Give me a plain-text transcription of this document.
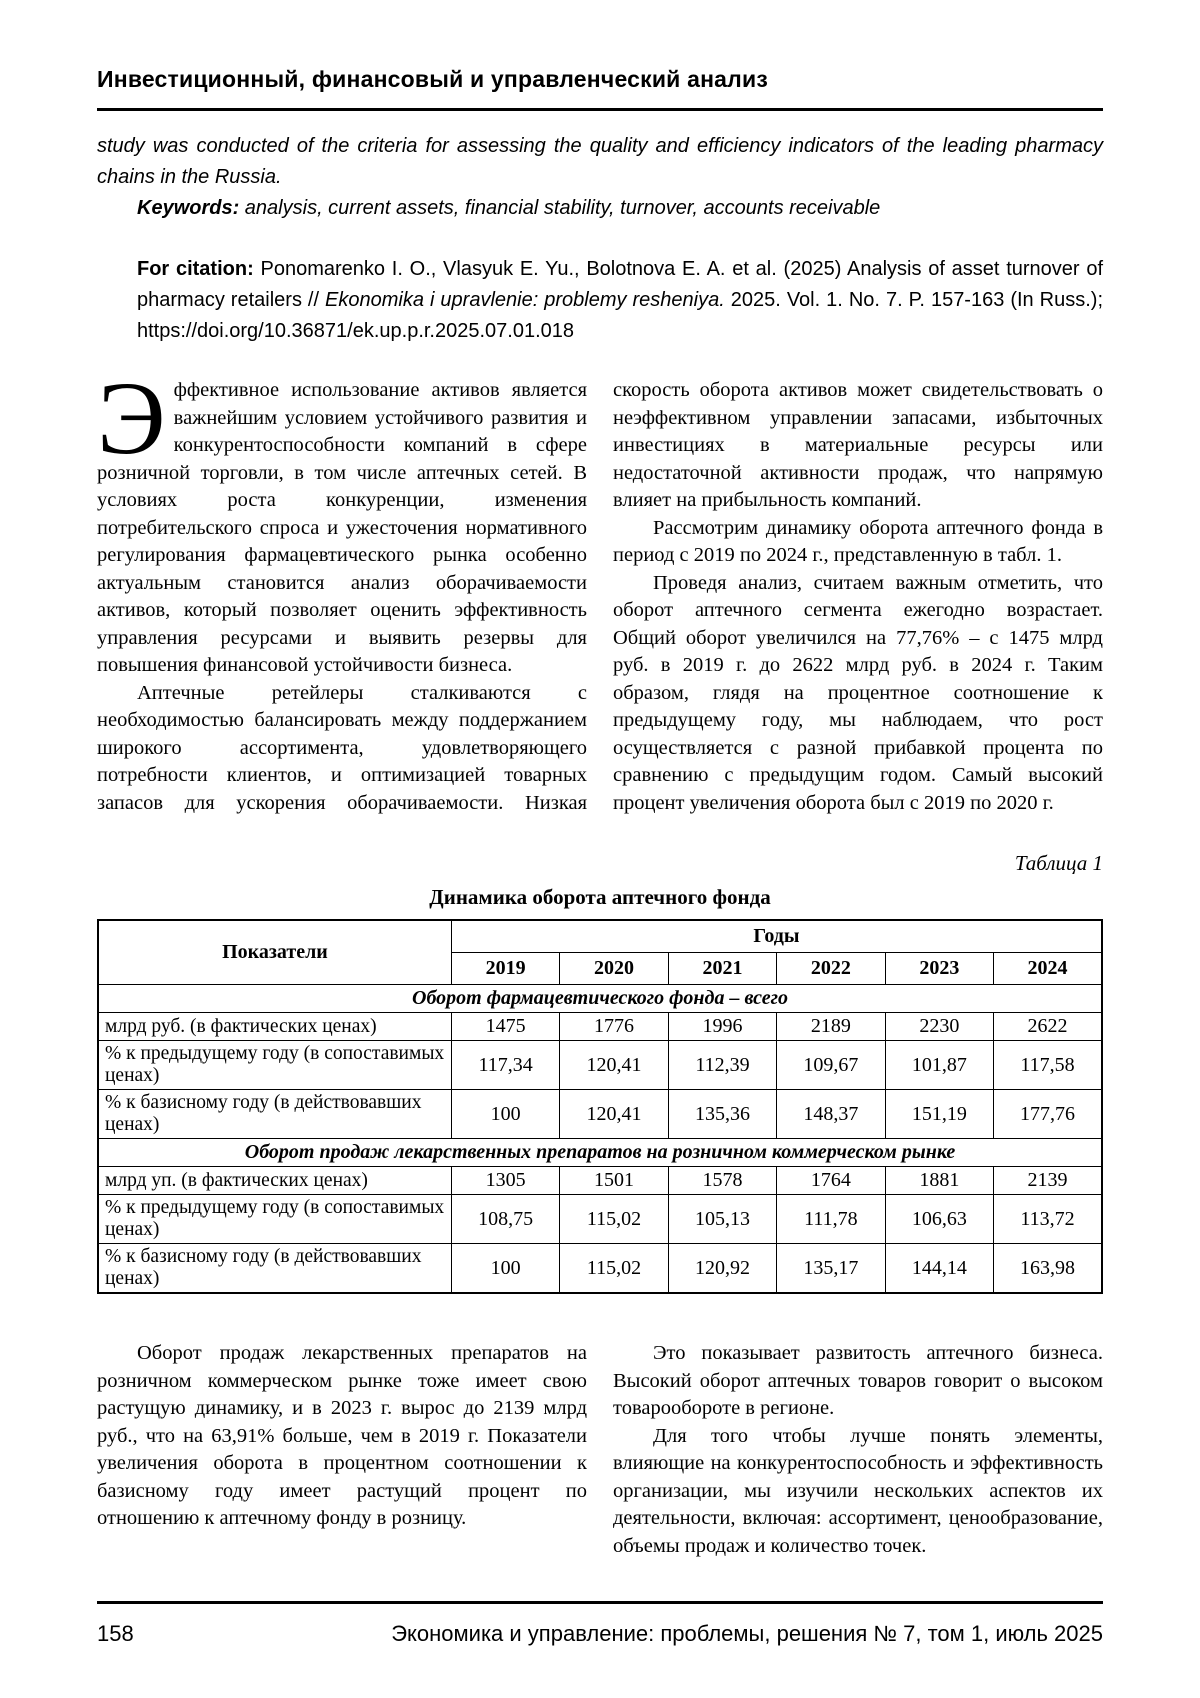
Инвестиционный, финансовый и управленческий анализ

study was conducted of the criteria for assessing the quality and efficiency indicators of the leading pharmacy chains in the Russia.

Keywords: analysis, current assets, financial stability, turnover, accounts receivable

For citation: Ponomarenko I. O., Vlasyuk E. Yu., Bolotnova E. A. et al. (2025) Analysis of asset turnover of pharmacy retailers // Ekonomika i upravlenie: problemy resheniya. 2025. Vol. 1. No. 7. P. 157-163 (In Russ.); https://doi.org/10.36871/ek.up.p.r.2025.07.01.018

Эффективное использование активов является важнейшим условием устойчивого развития и конкурентоспособности компаний в сфере розничной торговли, в том числе аптечных сетей. В условиях роста конкуренции, изменения потребительского спроса и ужесточения нормативного регулирования фармацевтического рынка особенно актуальным становится анализ оборачиваемости активов, который позволяет оценить эффективность управления ресурсами и выявить резервы для повышения финансовой устойчивости бизнеса.

Аптечные ретейлеры сталкиваются с необходимостью балансировать между поддержанием широкого ассортимента, удовлетворяющего потребности клиентов, и оптимизацией товарных запасов для ускорения оборачиваемости. Низкая

скорость оборота активов может свидетельствовать о неэффективном управлении запасами, избыточных инвестициях в материальные ресурсы или недостаточной активности продаж, что напрямую влияет на прибыльность компаний.

Рассмотрим динамику оборота аптечного фонда в период с 2019 по 2024 г., представленную в табл. 1.

Проведя анализ, считаем важным отметить, что оборот аптечного сегмента ежегодно возрастает. Общий оборот увеличился на 77,76% – с 1475 млрд руб. в 2019 г. до 2622 млрд руб. в 2024 г. Таким образом, глядя на процентное соотношение к предыдущему году, мы наблюдаем, что рост осуществляется с разной прибавкой процента по сравнению с предыдущим годом. Самый высокий процент увеличения оборота был с 2019 по 2020 г.

Таблица 1
Динамика оборота аптечного фонда
Показатели	Годы					
	2019	2020	2021	2022	2023	2024
Оборот фармацевтического фонда – всего						
млрд руб. (в фактических ценах)	1475	1776	1996	2189	2230	2622
% к предыдущему году (в сопоставимых ценах)	117,34	120,41	112,39	109,67	101,87	117,58
% к базисному году (в действовавших ценах)	100	120,41	135,36	148,37	151,19	177,76
Оборот продаж лекарственных препаратов на розничном коммерческом рынке						
млрд уп. (в фактических ценах)	1305	1501	1578	1764	1881	2139
% к предыдущему году (в сопоставимых ценах)	108,75	115,02	105,13	111,78	106,63	113,72
% к базисному году (в действовавших ценах)	100	115,02	120,92	135,17	144,14	163,98

Оборот продаж лекарственных препаратов на розничном коммерческом рынке тоже имеет свою растущую динамику, и в 2023 г. вырос до 2139 млрд руб., что на 63,91% больше, чем в 2019 г. Показатели увеличения оборота в процентном соотношении к базисному году имеет растущий процент по отношению к аптечному фонду в розницу.

Это показывает развитость аптечного бизнеса. Высокий оборот аптечных товаров говорит о высоком товарообороте в регионе.

Для того чтобы лучше понять элементы, влияющие на конкурентоспособность и эффективность организации, мы изучили нескольких аспектов их деятельности, включая: ассортимент, ценообразование, объемы продаж и количество точек.

158	Экономика и управление: проблемы, решения № 7, том 1, июль 2025
